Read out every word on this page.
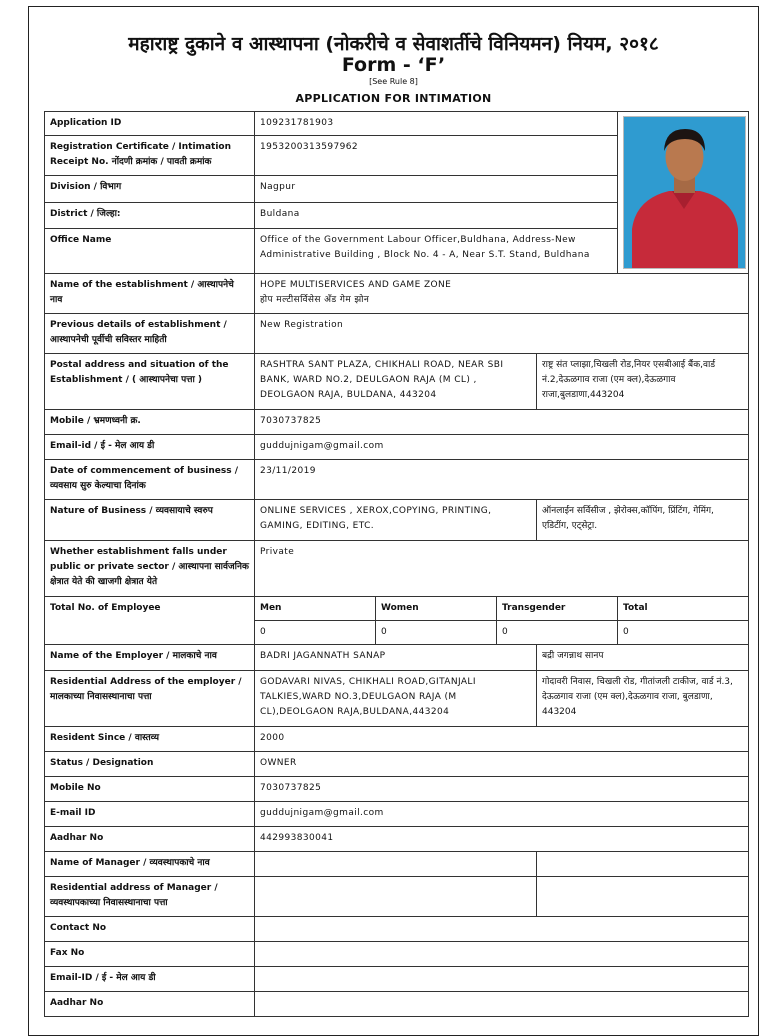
महाराष्ट्र दुकाने व आस्थापना (नोकरीचे व सेवाशर्तीचे विनियमन) नियम, २०१८
Form - ‘F’
[See Rule 8]
APPLICATION FOR INTIMATION
Application ID	109231781903	

Registration Certificate / Intimation Receipt No. नोंदणी क्रमांक / पावती क्रमांक	1953200313597962				
Division / विभाग	Nagpur				
District / जिल्हा:	Buldana				
Office Name	Office of the Government Labour Officer,Buldhana, Address-New Administrative Building , Block No. 4 - A, Near S.T. Stand, Buldhana				
Name of the establishment / आस्थापनेचे नाव	HOPE MULTISERVICES AND GAME ZONE
होप मल्टीसर्विसेस अँड गेम झोन				

Previous details of establishment / आस्थापनेची पूर्वीची सविस्तर माहिती	New Registration				
Postal address and situation of the Establishment / ( आस्थापनेचा पत्ता )	RASHTRA SANT PLAZA, CHIKHALI ROAD, NEAR SBI BANK, WARD NO.2, DEULGAON RAJA (M CL) , DEOLGAON RAJA, BULDANA, 443204			राष्ट्र संत प्लाझा,चिखली रोड,नियर एसबीआई बैंक,वार्ड नं.2,देऊळगाव राजा (एम क्ल),देऊळगाव राजा,बुलडाणा,443204	
Mobile / भ्रमणध्वनी क्र.	7030737825				
Email-id / ई - मेल आय डी	guddujnigam@gmail.com				
Date of commencement of business / व्यवसाय सुरु केल्याचा दिनांक	23/11/2019				
Nature of Business / व्यवसायाचे स्वरुप	ONLINE SERVICES , XEROX,COPYING, PRINTING, GAMING, EDITING, ETC.			ऑनलाईन सर्विसीज , झेरोक्स,कॉपिंग, प्रिंटिंग, गेमिंग, एडिटींग, एट्सेट्रा.	
Whether establishment falls under public or private sector / आस्थापना सार्वजनिक क्षेत्रात येते की खाजगी क्षेत्रात येते	Private				
Total No. of Employee	Men	Women	Transgender		Total
	0	0	0		0
Name of the Employer / मालकाचे नाव	BADRI JAGANNATH SANAP			बद्री जगन्नाथ सानप	
Residential Address of the employer / मालकाच्या निवासस्थानाचा पत्ता	GODAVARI NIVAS, CHIKHALI ROAD,GITANJALI TALKIES,WARD NO.3,DEULGAON RAJA (M CL),DEOLGAON RAJA,BULDANA,443204			गोदावरी निवास, चिखली रोड, गीतांजली टाकीज, वार्ड नं.3, देऊळगाव राजा (एम क्ल),देऊळगाव राजा, बुलडाणा, 443204	
Resident Since / वास्तव्य	2000				
Status / Designation	OWNER				
Mobile No	7030737825				
E-mail ID	guddujnigam@gmail.com				
Aadhar No	442993830041				
Name of Manager / व्यवस्थापकाचे नाव					
Residential address of Manager / व्यवस्थापकाच्या निवासस्थानाचा पत्ता					
Contact No					
Fax No					
Email-ID / ई - मेल आय डी					
Aadhar No					
